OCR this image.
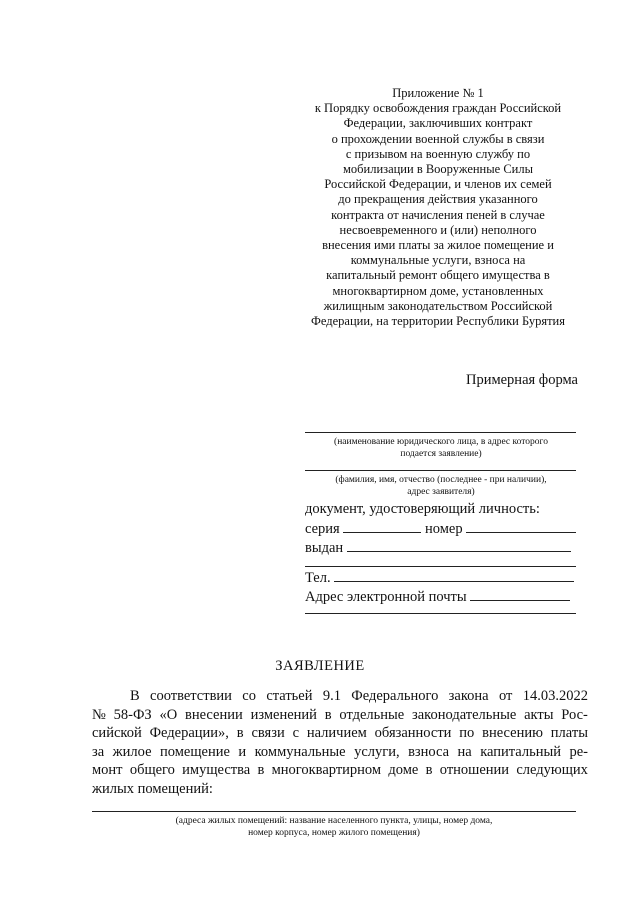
Приложение № 1
к Порядку освобождения граждан Российской
Федерации, заключивших контракт
о прохождении военной службы в связи
с призывом на военную службу по
мобилизации в Вооруженные Силы
Российской Федерации, и членов их семей
до прекращения действия указанного
контракта от начисления пеней в случае
несвоевременного и (или) неполного
внесения ими платы за жилое помещение и
коммунальные услуги, взноса на
капитальный ремонт общего имущества в
многоквартирном доме, установленных
жилищным законодательством Российской
Федерации, на территории Республики Бурятия
Примерная форма
(наименование юридического лица, в адрес которого
подается заявление)
(фамилия, имя, отчество (последнее - при наличии),
адрес заявителя)
документ, удостоверяющий личность:
серия	номер
выдан
Тел.
Адрес электронной почты
ЗАЯВЛЕНИЕ
В соответствии со статьей 9.1 Федерального закона от 14.03.2022
№ 58-ФЗ «О внесении изменений в отдельные законодательные акты Рос-
сийской Федерации», в связи с наличием обязанности по внесению платы
за жилое помещение и коммунальные услуги, взноса на капитальный ре-
монт общего имущества в многоквартирном доме в отношении следующих
жилых помещений:
(адреса жилых помещений: название населенного пункта, улицы, номер дома,
номер корпуса, номер жилого помещения)
